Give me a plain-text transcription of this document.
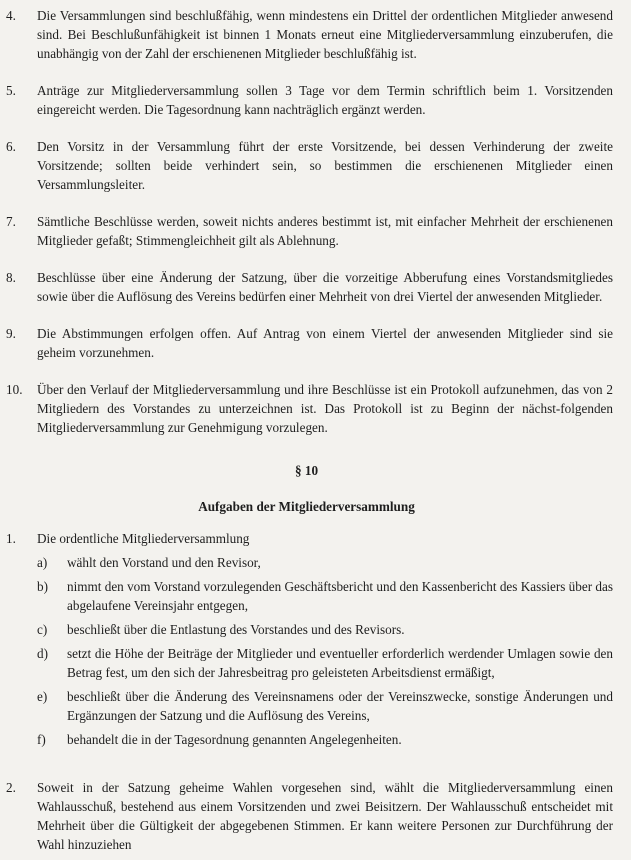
4.	Die Versammlungen sind beschlußfähig, wenn mindestens ein Drittel der ordentlichen Mitglieder anwesend sind. Bei Beschlußunfähigkeit ist binnen 1 Monats erneut eine Mitgliederversammlung einzuberufen, die unabhängig von der Zahl der erschienenen Mitglieder beschlußfähig ist.
5.	Anträge zur Mitgliederversammlung sollen 3 Tage vor dem Termin schriftlich beim 1. Vorsitzenden eingereicht werden. Die Tagesordnung kann nachträglich ergänzt werden.
6.	Den Vorsitz in der Versammlung führt der erste Vorsitzende, bei dessen Verhinderung der zweite Vorsitzende; sollten beide verhindert sein, so bestimmen die erschienenen Mitglieder einen Versammlungsleiter.
7.	Sämtliche Beschlüsse werden, soweit nichts anderes bestimmt ist, mit einfacher Mehrheit der erschienenen Mitglieder gefaßt; Stimmengleichheit gilt als Ablehnung.
8.	Beschlüsse über eine Änderung der Satzung, über die vorzeitige Abberufung eines Vorstandsmitgliedes sowie über die Auflösung des Vereins bedürfen einer Mehrheit von drei Viertel der anwesenden Mitglieder.
9.	Die Abstimmungen erfolgen offen. Auf Antrag von einem Viertel der anwesenden Mitglieder sind sie geheim vorzunehmen.
10.	Über den Verlauf der Mitgliederversammlung und ihre Beschlüsse ist ein Protokoll aufzunehmen, das von 2 Mitgliedern des Vorstandes zu unterzeichnen ist. Das Protokoll ist zu Beginn der nächst-folgenden Mitgliederversammlung zur Genehmigung vorzulegen.
§ 10
Aufgaben der Mitgliederversammlung
1.	Die ordentliche Mitgliederversammlung
a)	wählt den Vorstand und den Revisor,
b)	nimmt den vom Vorstand vorzulegenden Geschäftsbericht und den Kassenbericht des Kassiers über das abgelaufene Vereinsjahr entgegen,
c)	beschließt über die Entlastung des Vorstandes und des Revisors.
d)	setzt die Höhe der Beiträge der Mitglieder und eventueller erforderlich werdender Umlagen sowie den Betrag fest, um den sich der Jahresbeitrag pro geleisteten Arbeitsdienst ermäßigt,
e)	beschließt über die Änderung des Vereinsnamens oder der Vereinszwecke, sonstige Änderungen und Ergänzungen der Satzung und die Auflösung des Vereins,
f)	behandelt die in der Tagesordnung genannten Angelegenheiten.
2.	Soweit in der Satzung geheime Wahlen vorgesehen sind, wählt die Mitgliederversammlung einen Wahlausschuß, bestehend aus einem Vorsitzenden und zwei Beisitzern. Der Wahlausschuß entscheidet mit Mehrheit über die Gültigkeit der abgegebenen Stimmen. Er kann weitere Personen zur Durchführung der Wahl hinzuziehen
